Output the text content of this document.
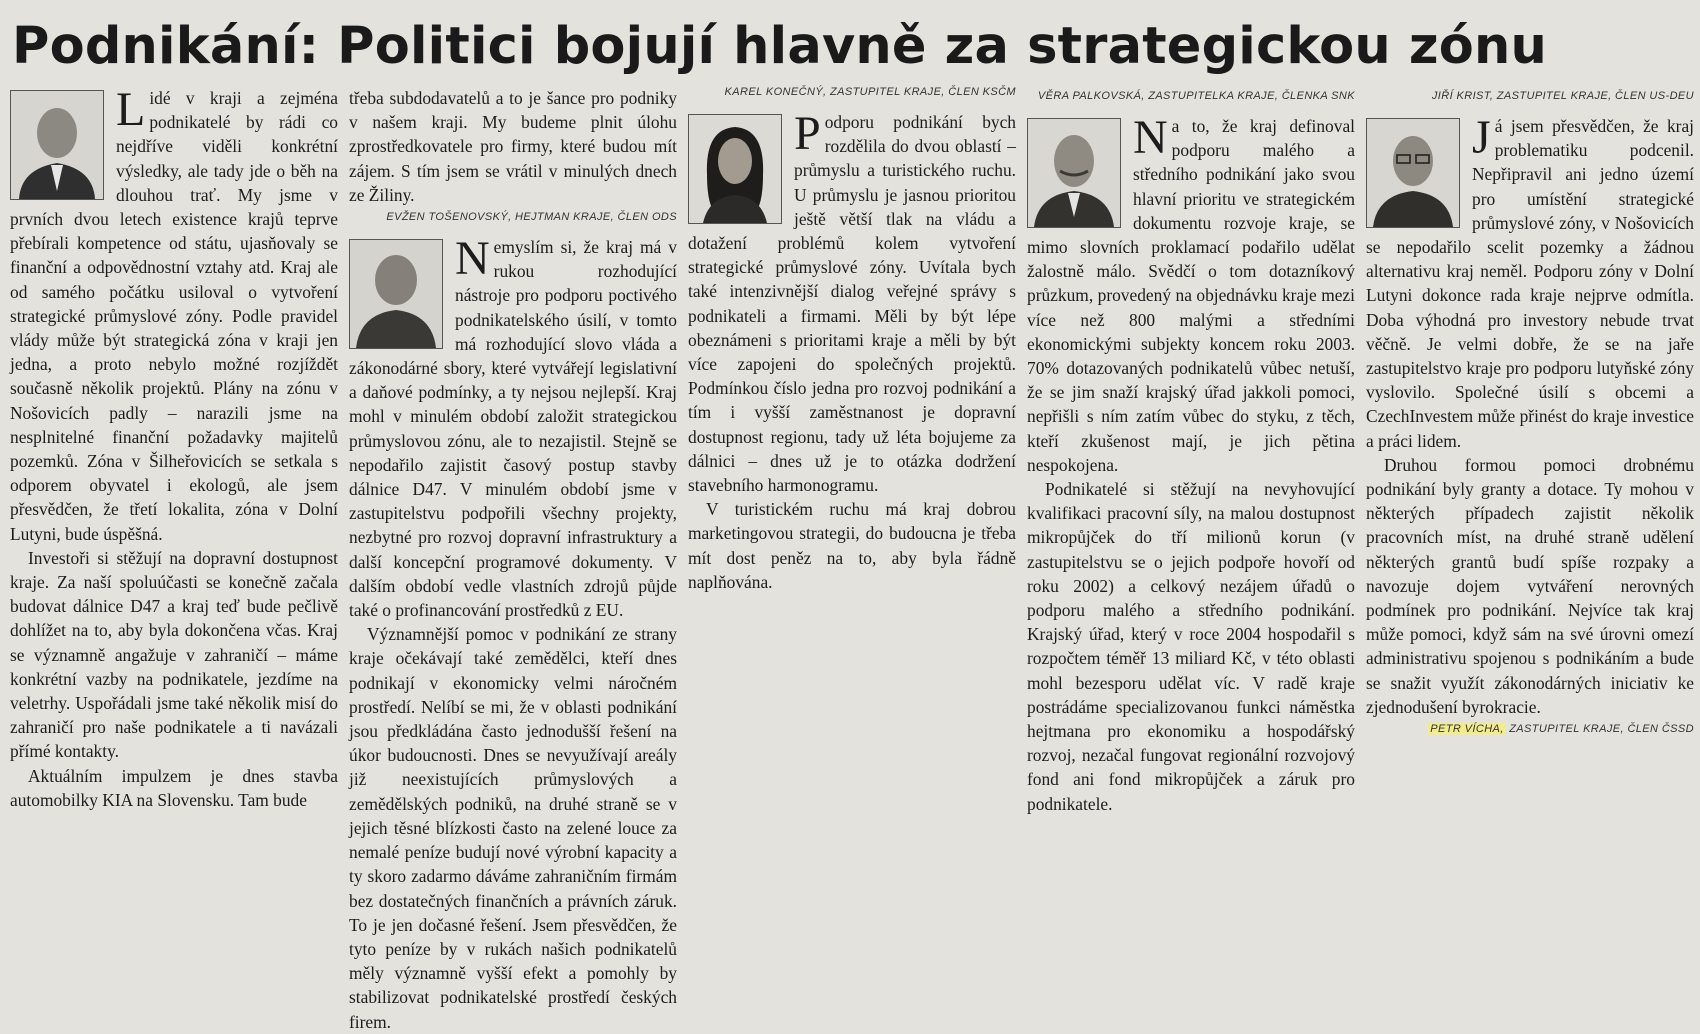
Podnikání: Politici bojují hlavně za strategickou zónu
Lidé v kraji a zejména podnikatelé by rádi co nejdříve viděli konkrétní výsledky, ale tady jde o běh na dlouhou trať. My jsme v prvních dvou letech existence krajů teprve přebírali kompetence od státu, ujasňovaly se finanční a odpovědnostní vztahy atd. Kraj ale od samého počátku usiloval o vytvoření strategické průmyslové zóny. Podle pravidel vlády může být strategická zóna v kraji jen jedna, a proto nebylo možné rozjíždět současně několik projektů. Plány na zónu v Nošovicích padly – narazili jsme na nesplnitelné finanční požadavky majitelů pozemků. Zóna v Šilheřovicích se setkala s odporem obyvatel i ekologů, ale jsem přesvědčen, že třetí lokalita, zóna v Dolní Lutyni, bude úspěšná.

Investoři si stěžují na dopravní dostupnost kraje. Za naší spoluúčasti se konečně začala budovat dálnice D47 a kraj teď bude pečlivě dohlížet na to, aby byla dokončena včas. Kraj se významně angažuje v zahraničí – máme konkrétní vazby na podnikatele, jezdíme na veletrhy. Uspořádali jsme také několik misí do zahraničí pro naše podnikatele a ti navázali přímé kontakty.

Aktuálním impulzem je dnes stavba automobilky KIA na Slovensku. Tam bude

třeba subdodavatelů a to je šance pro podniky v našem kraji. My budeme plnit úlohu zprostředkovatele pro firmy, které budou mít zájem. S tím jsem se vrátil v minulých dnech ze Žiliny.

EVŽEN TOŠENOVSKÝ, HEJTMAN KRAJE, ČLEN ODS
Nemyslím si, že kraj má v rukou rozhodující nástroje pro podporu poctivého podnikatelského úsilí, v tomto má rozhodující slovo vláda a zákonodárné sbory, které vytvářejí legislativní a daňové podmínky, a ty nejsou nejlepší. Kraj mohl v minulém období založit strategickou průmyslovou zónu, ale to nezajistil. Stejně se nepodařilo zajistit časový postup stavby dálnice D47. V minulém období jsme v zastupitelstvu podpořili všechny projekty, nezbytné pro rozvoj dopravní infrastruktury a další koncepční programové dokumenty. V dalším období vedle vlastních zdrojů půjde také o profinancování prostředků z EU.

Významnější pomoc v podnikání ze strany kraje očekávají také zemědělci, kteří dnes podnikají v ekonomicky velmi náročném prostředí. Nelíbí se mi, že v oblasti podnikání jsou předkládána často jednodušší řešení na úkor budoucnosti. Dnes se nevyužívají areály již neexistujících průmyslových a zemědělských podniků, na druhé straně se v jejich těsné blízkosti často na zelené louce za nemalé peníze budují nové výrobní kapacity a ty skoro zadarmo dáváme zahraničním firmám bez dostatečných finančních a právních záruk. To je jen dočasné řešení. Jsem přesvědčen, že tyto peníze by v rukách našich podnikatelů měly významně vyšší efekt a pomohly by stabilizovat podnikatelské prostředí českých firem.

KAREL KONEČNÝ, ZASTUPITEL KRAJE, ČLEN KSČM
Podporu podnikání bych rozdělila do dvou oblastí – průmyslu a turistického ruchu. U průmyslu je jasnou prioritou ještě větší tlak na vládu a dotažení problémů kolem vytvoření strategické průmyslové zóny. Uvítala bych také intenzivnější dialog veřejné správy s podnikateli a firmami. Měli by být lépe obeznámeni s prioritami kraje a měli by být více zapojeni do společných projektů. Podmínkou číslo jedna pro rozvoj podnikání a tím i vyšší zaměstnanost je dopravní dostupnost regionu, tady už léta bojujeme za dálnici – dnes už je to otázka dodržení stavebního harmonogramu.

V turistickém ruchu má kraj dobrou marketingovou strategii, do budoucna je třeba mít dost peněz na to, aby byla řádně naplňována.

VĚRA PALKOVSKÁ, ZASTUPITELKA KRAJE, ČLENKA SNK
Na to, že kraj definoval podporu malého a středního podnikání jako svou hlavní prioritu ve strategickém dokumentu rozvoje kraje, se mimo slovních proklamací podařilo udělat žalostně málo. Svědčí o tom dotazníkový průzkum, provedený na objednávku kraje mezi více než 800 malými a středními ekonomickými subjekty koncem roku 2003. 70% dotazovaných podnikatelů vůbec netuší, že se jim snaží krajský úřad jakkoli pomoci, nepřišli s ním zatím vůbec do styku, z těch, kteří zkušenost mají, je jich pětina nespokojena.

Podnikatelé si stěžují na nevyhovující kvalifikaci pracovní síly, na malou dostupnost mikropůjček do tří milionů korun (v zastupitelstvu se o jejich podpoře hovoří od roku 2002) a celkový nezájem úřadů o podporu malého a středního podnikání. Krajský úřad, který v roce 2004 hospodařil s rozpočtem téměř 13 miliard Kč, v této oblasti mohl bezesporu udělat víc. V radě kraje postrádáme specializovanou funkci náměstka hejtmana pro ekonomiku a hospodářský rozvoj, nezačal fungovat regionální rozvojový fond ani fond mikropůjček a záruk pro podnikatele.

JIŘÍ KRIST, ZASTUPITEL KRAJE, ČLEN US-DEU
Já jsem přesvědčen, že kraj problematiku podcenil. Nepřipravil ani jedno území pro umístění strategické průmyslové zóny, v Nošovicích se nepodařilo scelit pozemky a žádnou alternativu kraj neměl. Podporu zóny v Dolní Lutyni dokonce rada kraje nejprve odmítla. Doba výhodná pro investory nebude trvat věčně. Je velmi dobře, že se na jaře zastupitelstvo kraje pro podporu lutyňské zóny vyslovilo. Společné úsilí s obcemi a CzechInvestem může přinést do kraje investice a práci lidem.

Druhou formou pomoci drobnému podnikání byly granty a dotace. Ty mohou v některých případech zajistit několik pracovních míst, na druhé straně udělení některých grantů budí spíše rozpaky a navozuje dojem vytváření nerovných podmínek pro podnikání. Nejvíce tak kraj může pomoci, když sám na své úrovni omezí administrativu spojenou s podnikáním a bude se snažit využít zákonodárných iniciativ ke zjednodušení byrokracie.

PETR VÍCHA, ZASTUPITEL KRAJE, ČLEN ČSSD
